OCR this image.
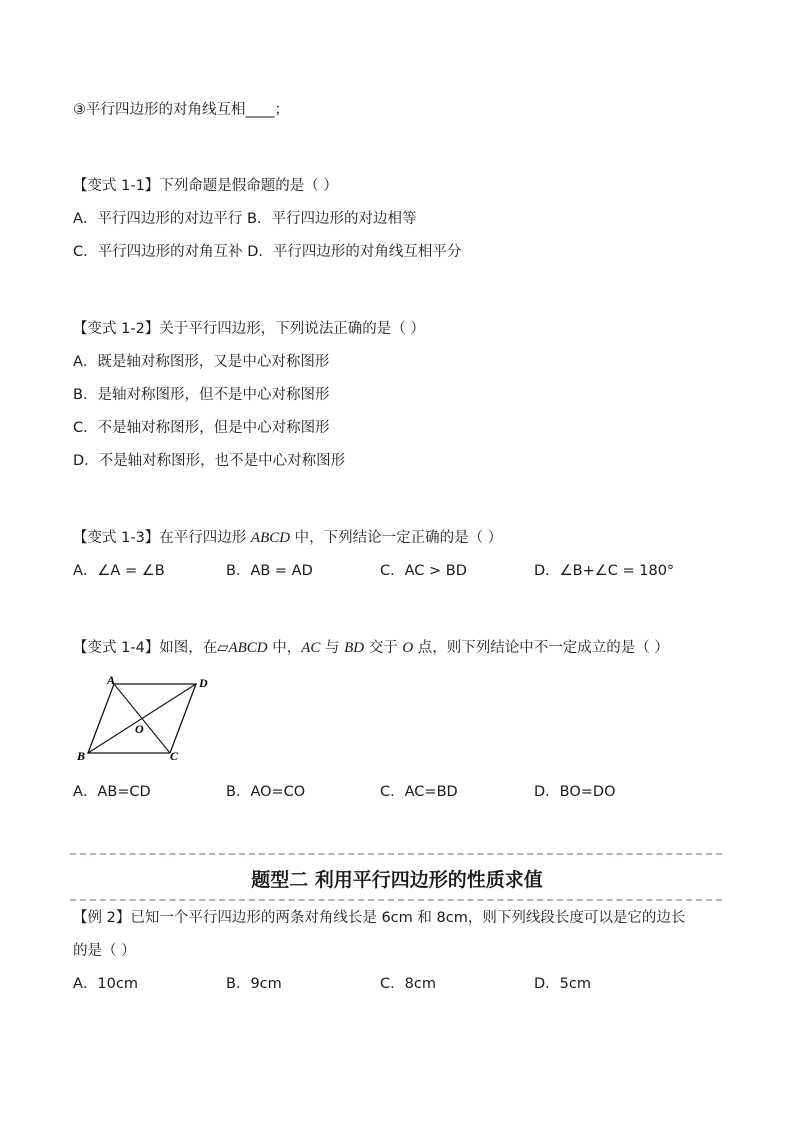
③平行四边形的对角线互相____；
【变式 1-1】下列命题是假命题的是（ ）
A．平行四边形的对边平行 B．平行四边形的对边相等
C．平行四边形的对角互补 D．平行四边形的对角线互相平分
【变式 1-2】关于平行四边形，下列说法正确的是（ ）
A．既是轴对称图形，又是中心对称图形
B．是轴对称图形，但不是中心对称图形
C．不是轴对称图形，但是中心对称图形
D．不是轴对称图形，也不是中心对称图形
【变式 1-3】在平行四边形 ABCD 中，下列结论一定正确的是（ ）
A．∠A = ∠B	B．AB = AD	C．AC > BD	D．∠B+∠C = 180°
【变式 1-4】如图，在▱ABCD 中，AC 与 BD 交于 O 点，则下列结论中不一定成立的是（ ）
A	D
B	C
O
A．AB=CD	B．AO=CO	C．AC=BD	D．BO=DO
题型二 利用平行四边形的性质求值
【例 2】已知一个平行四边形的两条对角线长是 6cm 和 8cm，则下列线段长度可以是它的边长
的是（ ）
A．10cm	B．9cm	C．8cm	D．5cm
